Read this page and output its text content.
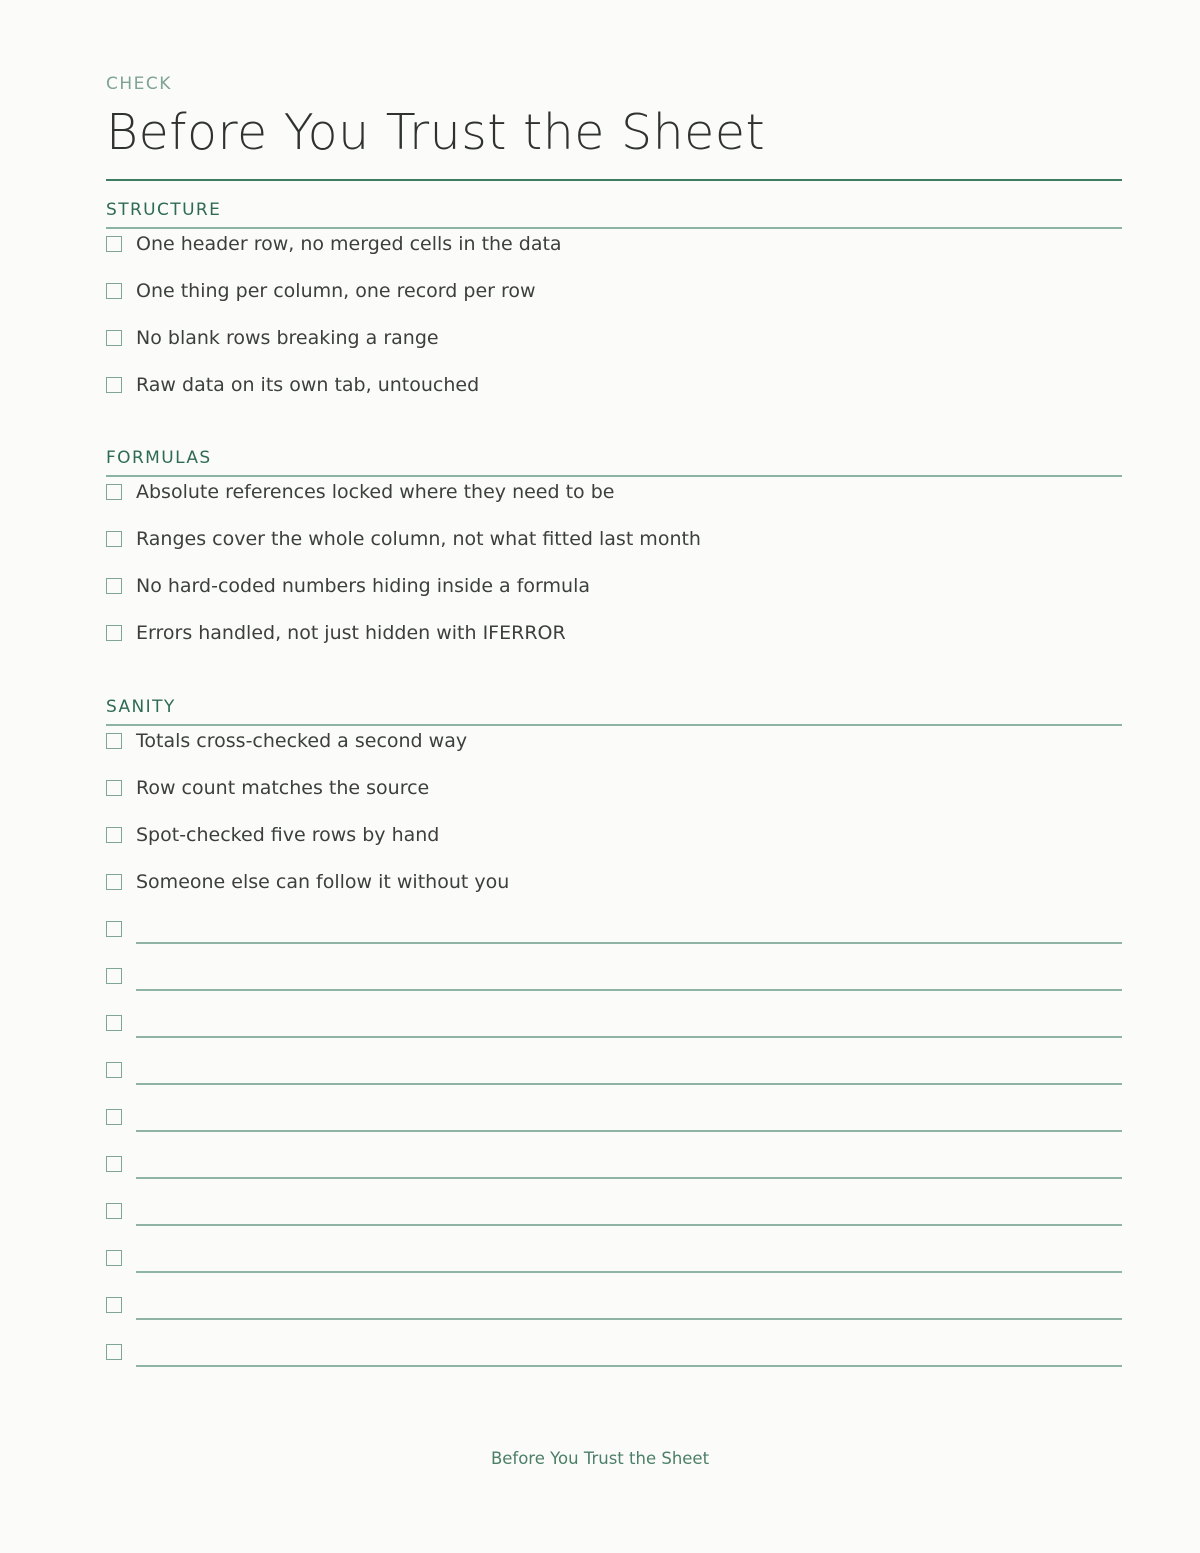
CHECK
Before You Trust the Sheet
STRUCTURE
One header row, no merged cells in the data
One thing per column, one record per row
No blank rows breaking a range
Raw data on its own tab, untouched
FORMULAS
Absolute references locked where they need to be
Ranges cover the whole column, not what fitted last month
No hard-coded numbers hiding inside a formula
Errors handled, not just hidden with IFERROR
SANITY
Totals cross-checked a second way
Row count matches the source
Spot-checked five rows by hand
Someone else can follow it without you
Before You Trust the Sheet
